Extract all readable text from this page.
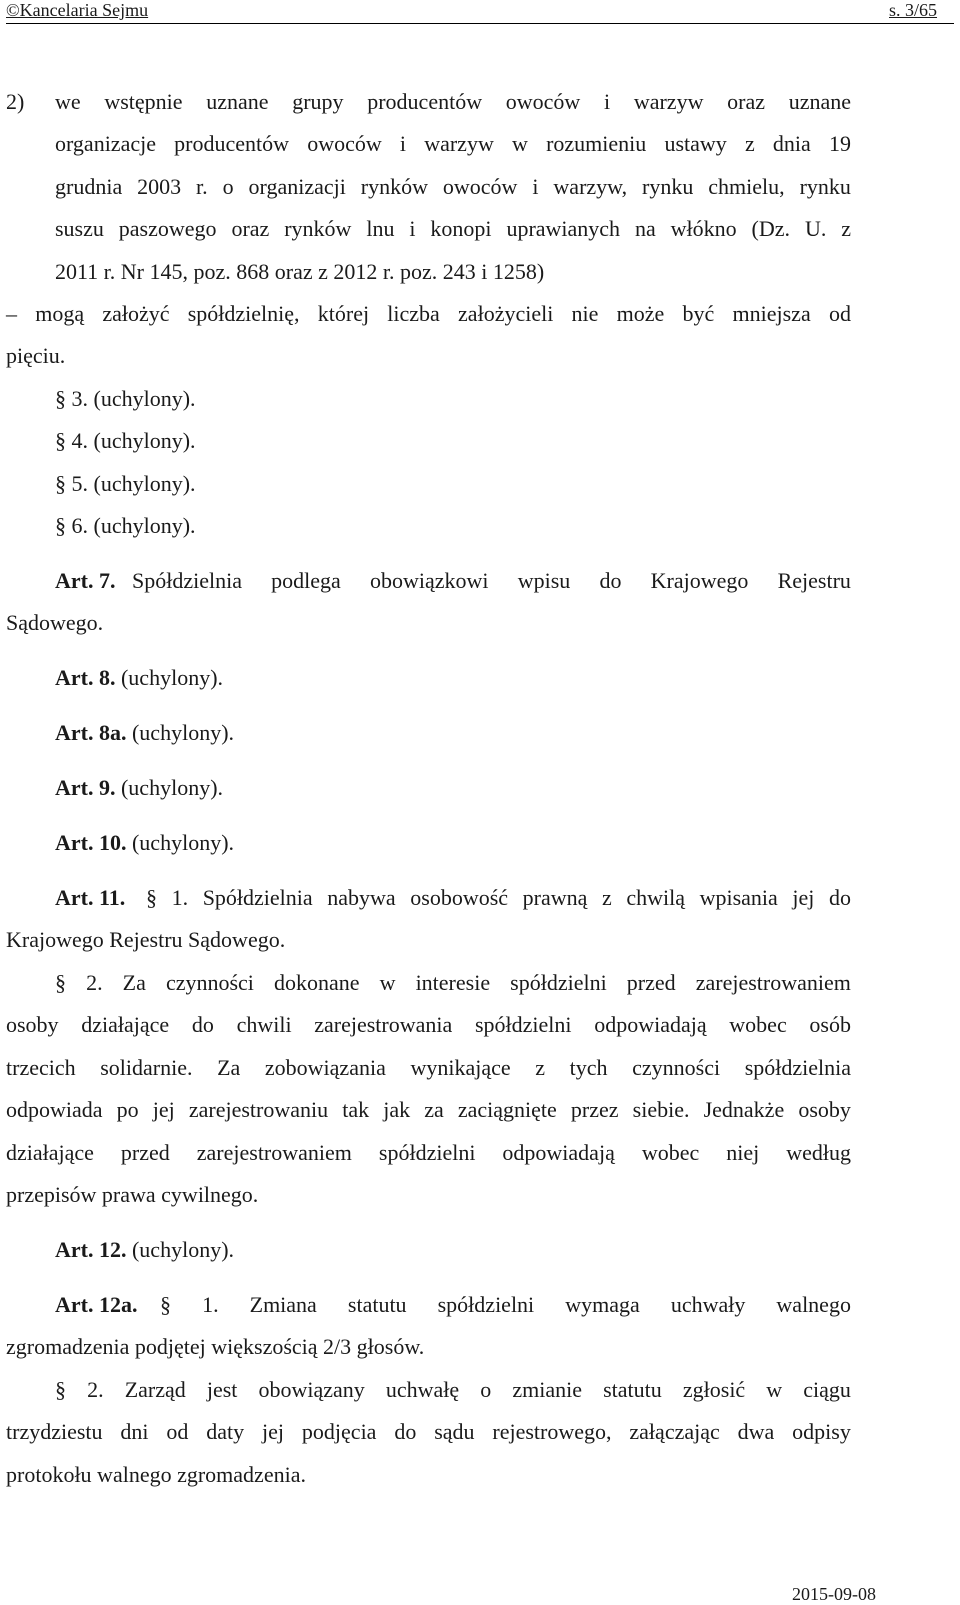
©Kancelaria Sejmu	s. 3/65
2) we wstępnie uznane grupy producentów owoców i warzyw oraz uznane
organizacje producentów owoców i warzyw w rozumieniu ustawy z dnia 19
grudnia 2003 r. o organizacji rynków owoców i warzyw, rynku chmielu, rynku
suszu paszowego oraz rynków lnu i konopi uprawianych na włókno (Dz. U. z
2011 r. Nr 145, poz. 868 oraz z 2012 r. poz. 243 i 1258)
– mogą założyć spółdzielnię, której liczba założycieli nie może być mniejsza od
pięciu.
§ 3. (uchylony).
§ 4. (uchylony).
§ 5. (uchylony).
§ 6. (uchylony).
Art. 7. Spółdzielnia podlega obowiązkowi wpisu do Krajowego Rejestru
Sądowego.
Art. 8. (uchylony).
Art. 8a. (uchylony).
Art. 9. (uchylony).
Art. 10. (uchylony).
Art. 11. § 1. Spółdzielnia nabywa osobowość prawną z chwilą wpisania jej do
Krajowego Rejestru Sądowego.
§ 2. Za czynności dokonane w interesie spółdzielni przed zarejestrowaniem
osoby działające do chwili zarejestrowania spółdzielni odpowiadają wobec osób
trzecich solidarnie. Za zobowiązania wynikające z tych czynności spółdzielnia
odpowiada po jej zarejestrowaniu tak jak za zaciągnięte przez siebie. Jednakże osoby
działające przed zarejestrowaniem spółdzielni odpowiadają wobec niej według
przepisów prawa cywilnego.
Art. 12. (uchylony).
Art. 12a. § 1. Zmiana statutu spółdzielni wymaga uchwały walnego
zgromadzenia podjętej większością 2/3 głosów.
§ 2. Zarząd jest obowiązany uchwałę o zmianie statutu zgłosić w ciągu
trzydziestu dni od daty jej podjęcia do sądu rejestrowego, załączając dwa odpisy
protokołu walnego zgromadzenia.
2015-09-08
